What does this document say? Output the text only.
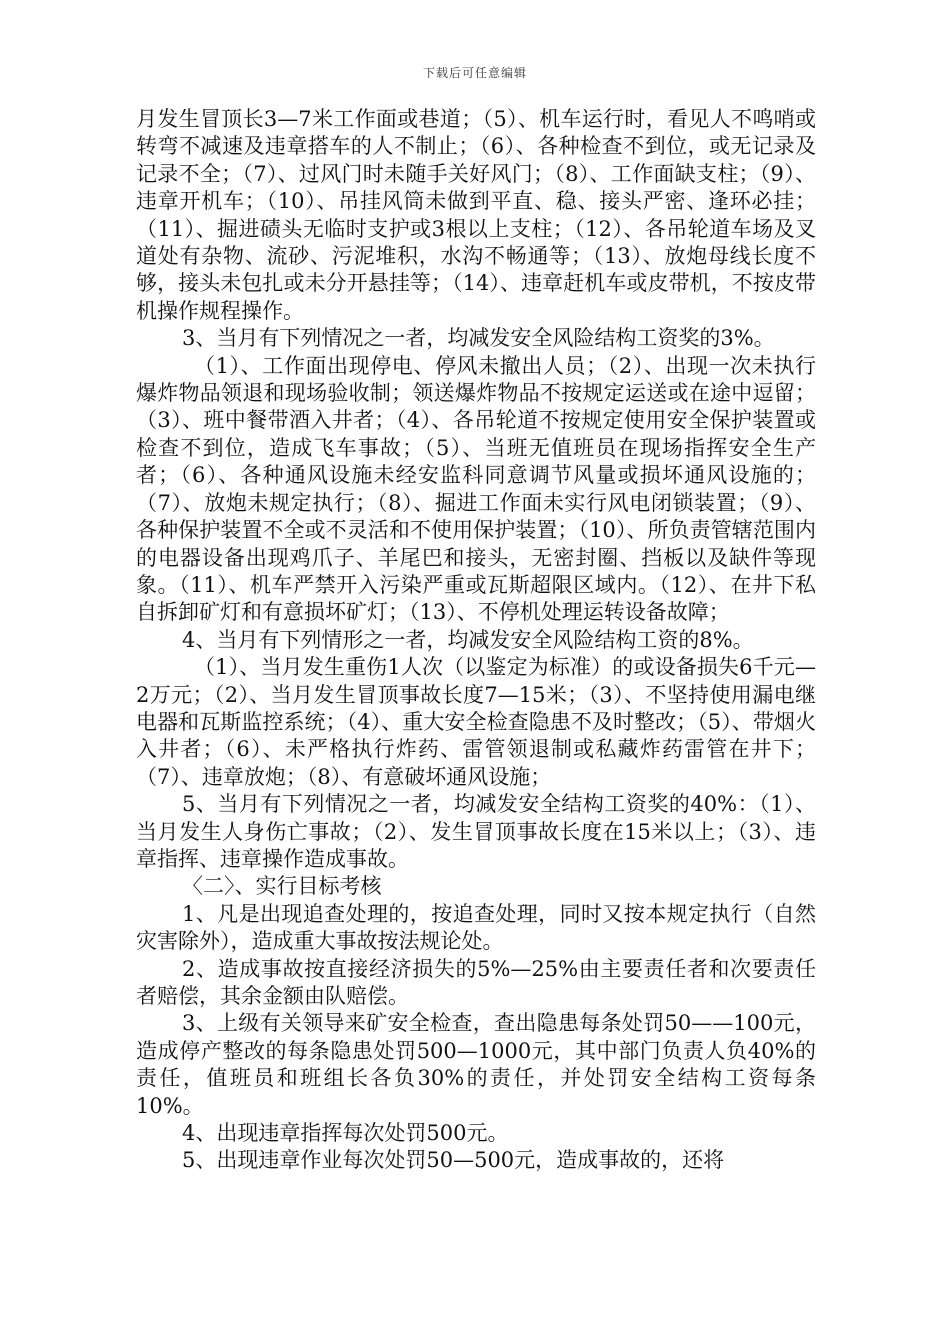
下载后可任意编辑

月发生冒顶长3—7米工作面或巷道；（5）、机车运行时，看见人不鸣哨或转弯不减速及违章搭车的人不制止；（6）、各种检查不到位，或无记录及记录不全；（7）、过风门时未随手关好风门；（8）、工作面缺支柱；（9）、违章开机车；（10）、吊挂风筒未做到平直、稳、接头严密、逢环必挂；（11）、掘进碛头无临时支护或3根以上支柱；（12）、各吊轮道车场及叉道处有杂物、流砂、污泥堆积，水沟不畅通等；（13）、放炮母线长度不够，接头未包扎或未分开悬挂等；（14）、违章赶机车或皮带机，不按皮带机操作规程操作。

3、当月有下列情况之一者，均减发安全风险结构工资奖的3%。

（1）、工作面出现停电、停风未撤出人员；（2）、出现一次未执行爆炸物品领退和现场验收制；领送爆炸物品不按规定运送或在途中逗留；（3）、班中餐带酒入井者；（4）、各吊轮道不按规定使用安全保护装置或检查不到位，造成飞车事故；（5）、当班无值班员在现场指挥安全生产者；（6）、各种通风设施未经安监科同意调节风量或损坏通风设施的；（7）、放炮未规定执行；（8）、掘进工作面未实行风电闭锁装置；（9）、各种保护装置不全或不灵活和不使用保护装置；（10）、所负责管辖范围内的电器设备出现鸡爪子、羊尾巴和接头，无密封圈、挡板以及缺件等现象。（11）、机车严禁开入污染严重或瓦斯超限区域内。（12）、在井下私自拆卸矿灯和有意损坏矿灯；（13）、不停机处理运转设备故障；

4、当月有下列情形之一者，均减发安全风险结构工资的8%。

（1）、当月发生重伤1人次（以鉴定为标准）的或设备损失6千元—2万元；（2）、当月发生冒顶事故长度7—15米；（3）、不坚持使用漏电继电器和瓦斯监控系统；（4）、重大安全检查隐患不及时整改；（5）、带烟火入井者；（6）、未严格执行炸药、雷管领退制或私藏炸药雷管在井下；（7）、违章放炮；（8）、有意破坏通风设施；

5、当月有下列情况之一者，均减发安全结构工资奖的40%：（1）、当月发生人身伤亡事故；（2）、发生冒顶事故长度在15米以上；（3）、违章指挥、违章操作造成事故。

〈二〉、实行目标考核

1、凡是出现追查处理的，按追查处理，同时又按本规定执行（自然灾害除外），造成重大事故按法规论处。

2、造成事故按直接经济损失的5%—25%由主要责任者和次要责任者赔偿，其余金额由队赔偿。

3、上级有关领导来矿安全检查，查出隐患每条处罚50——100元，造成停产整改的每条隐患处罚500—1000元，其中部门负责人负40%的责任，值班员和班组长各负30%的责任，并处罚安全结构工资每条10%。

4、出现违章指挥每次处罚500元。

5、出现违章作业每次处罚50—500元，造成事故的，还将
